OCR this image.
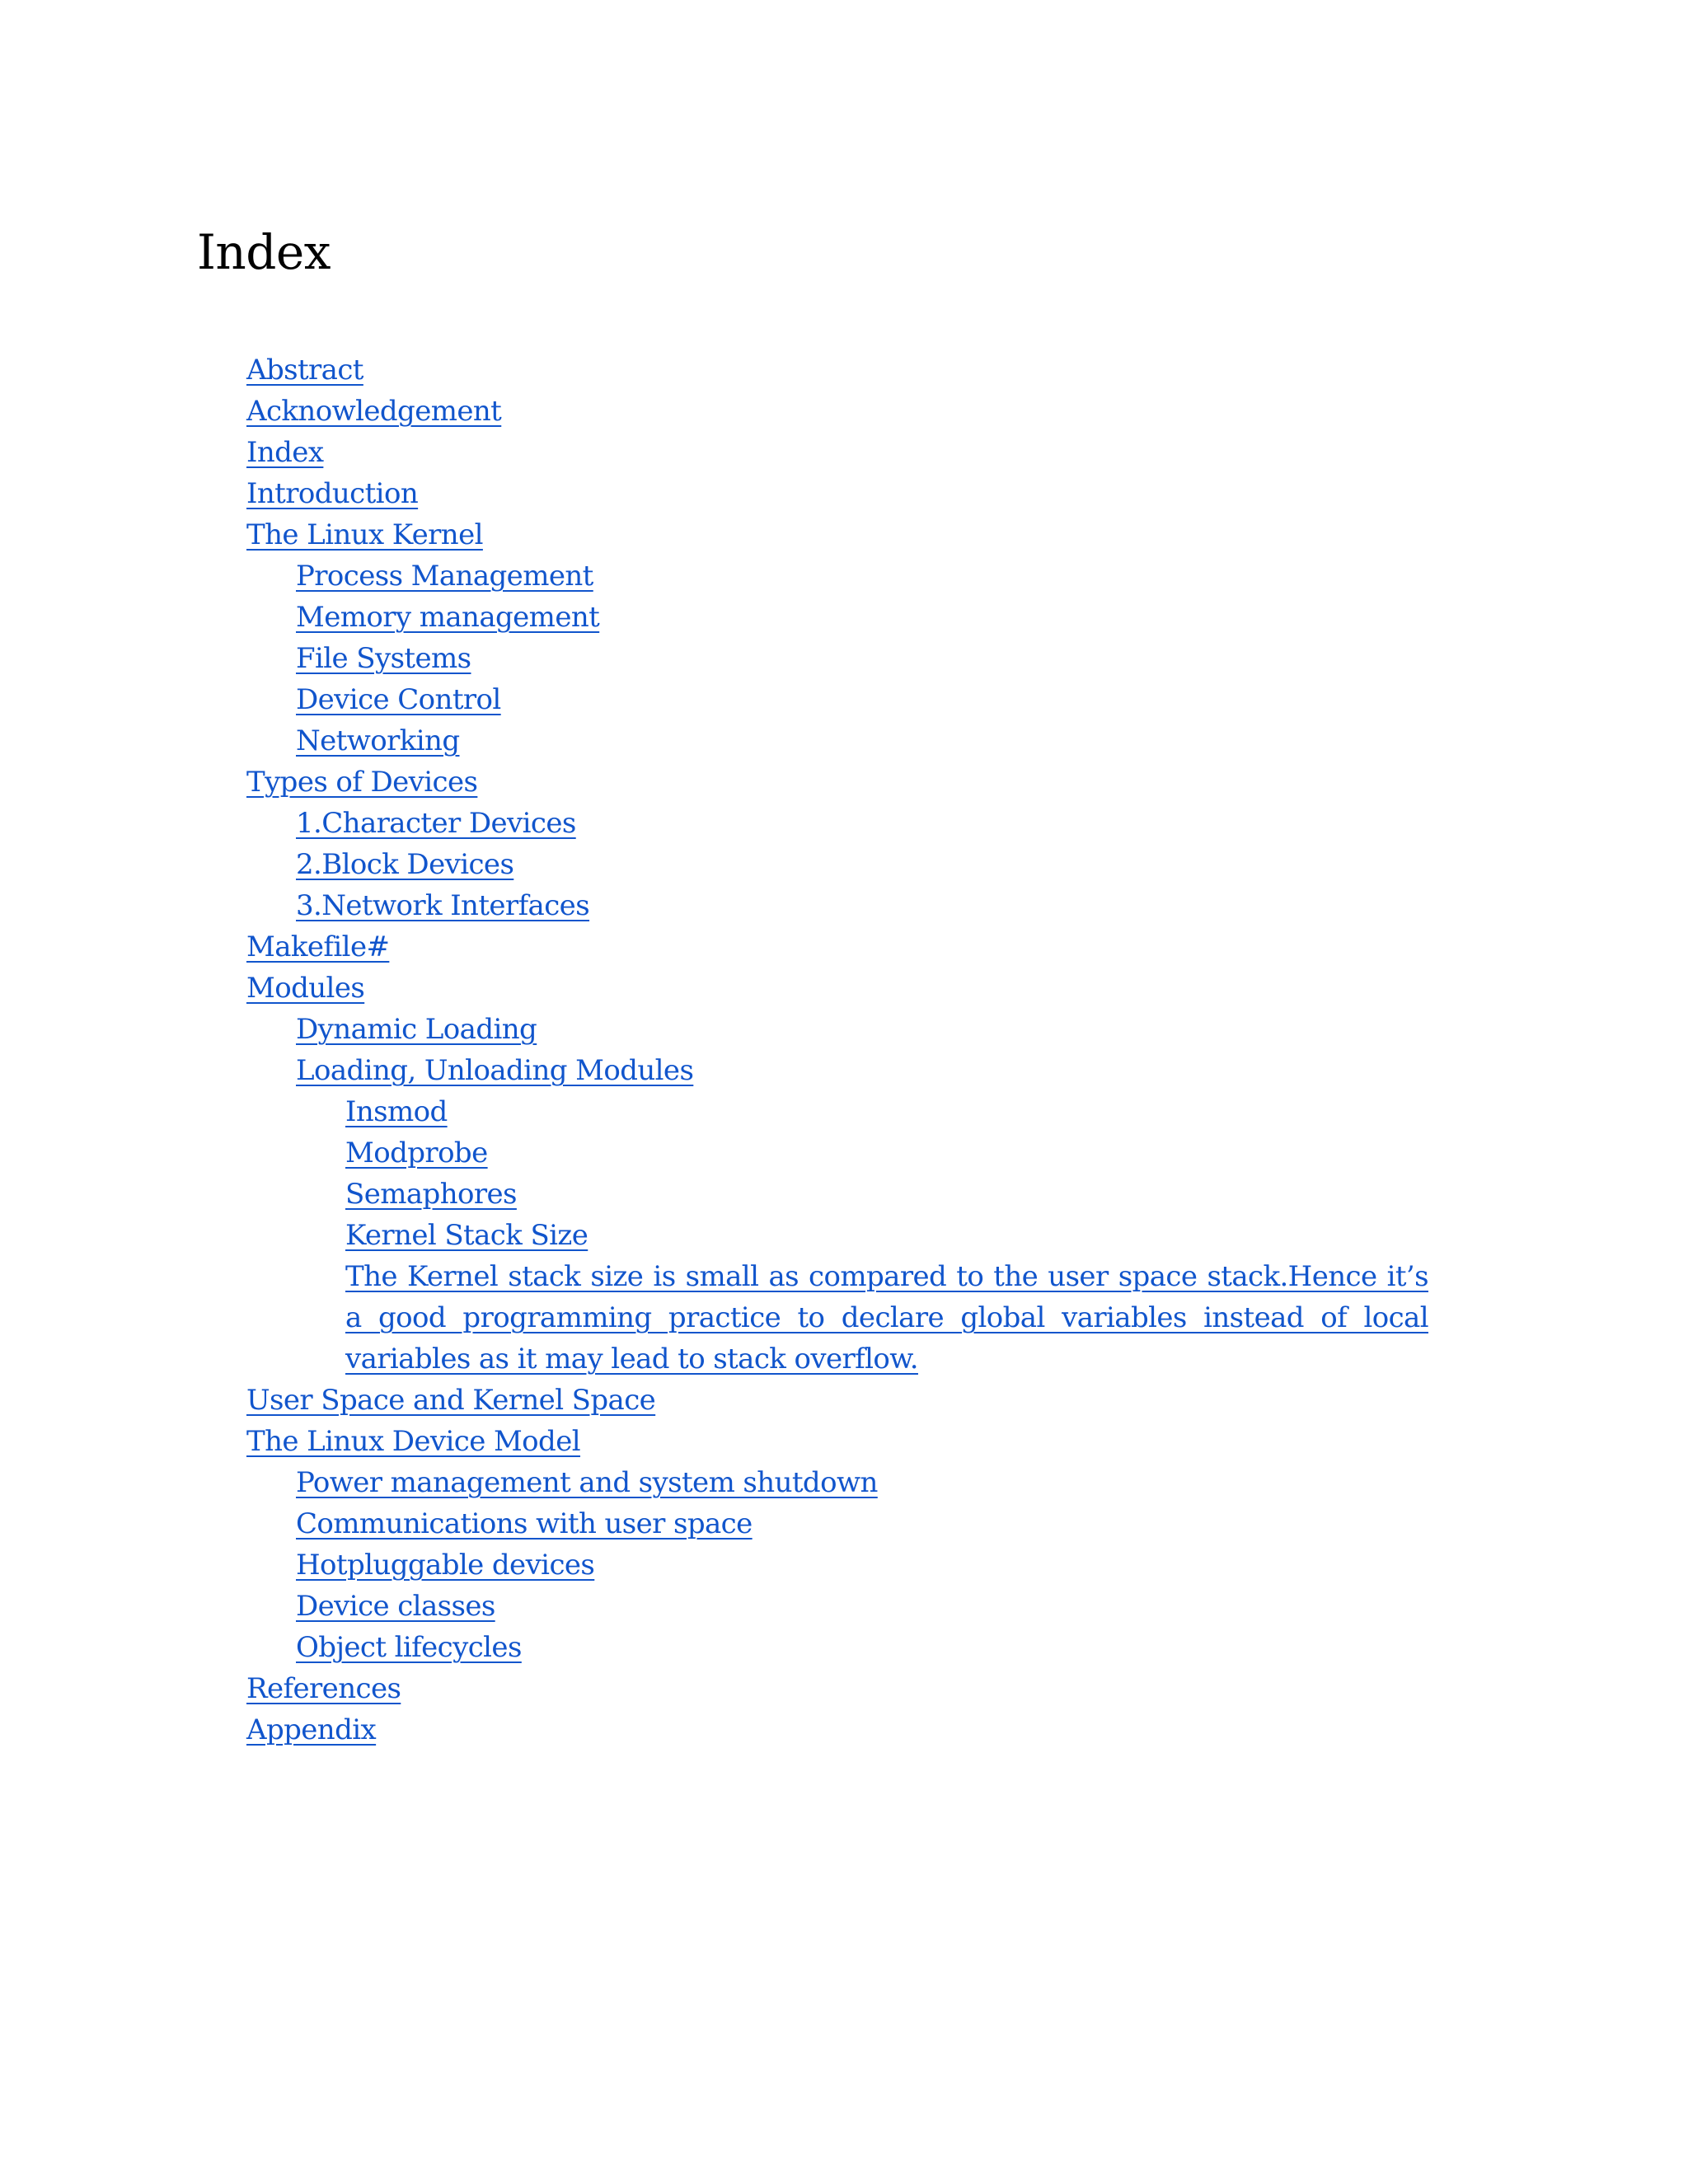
Index
Abstract
Acknowledgement
Index
Introduction
The Linux Kernel
Process Management
Memory management
File Systems
Device Control
Networking
Types of Devices
1.Character Devices
2.Block Devices
3.Network Interfaces
Makefile#
Modules
Dynamic Loading
Loading, Unloading Modules
Insmod
Modprobe
Semaphores
Kernel Stack Size
The Kernel stack size is small as compared to the user space stack.Hence it’s a good programming practice to declare global variables instead of local variables as it may lead to stack overflow.
User Space and Kernel Space
The Linux Device Model
Power management and system shutdown
Communications with user space
Hotpluggable devices
Device classes
Object lifecycles
References
Appendix
